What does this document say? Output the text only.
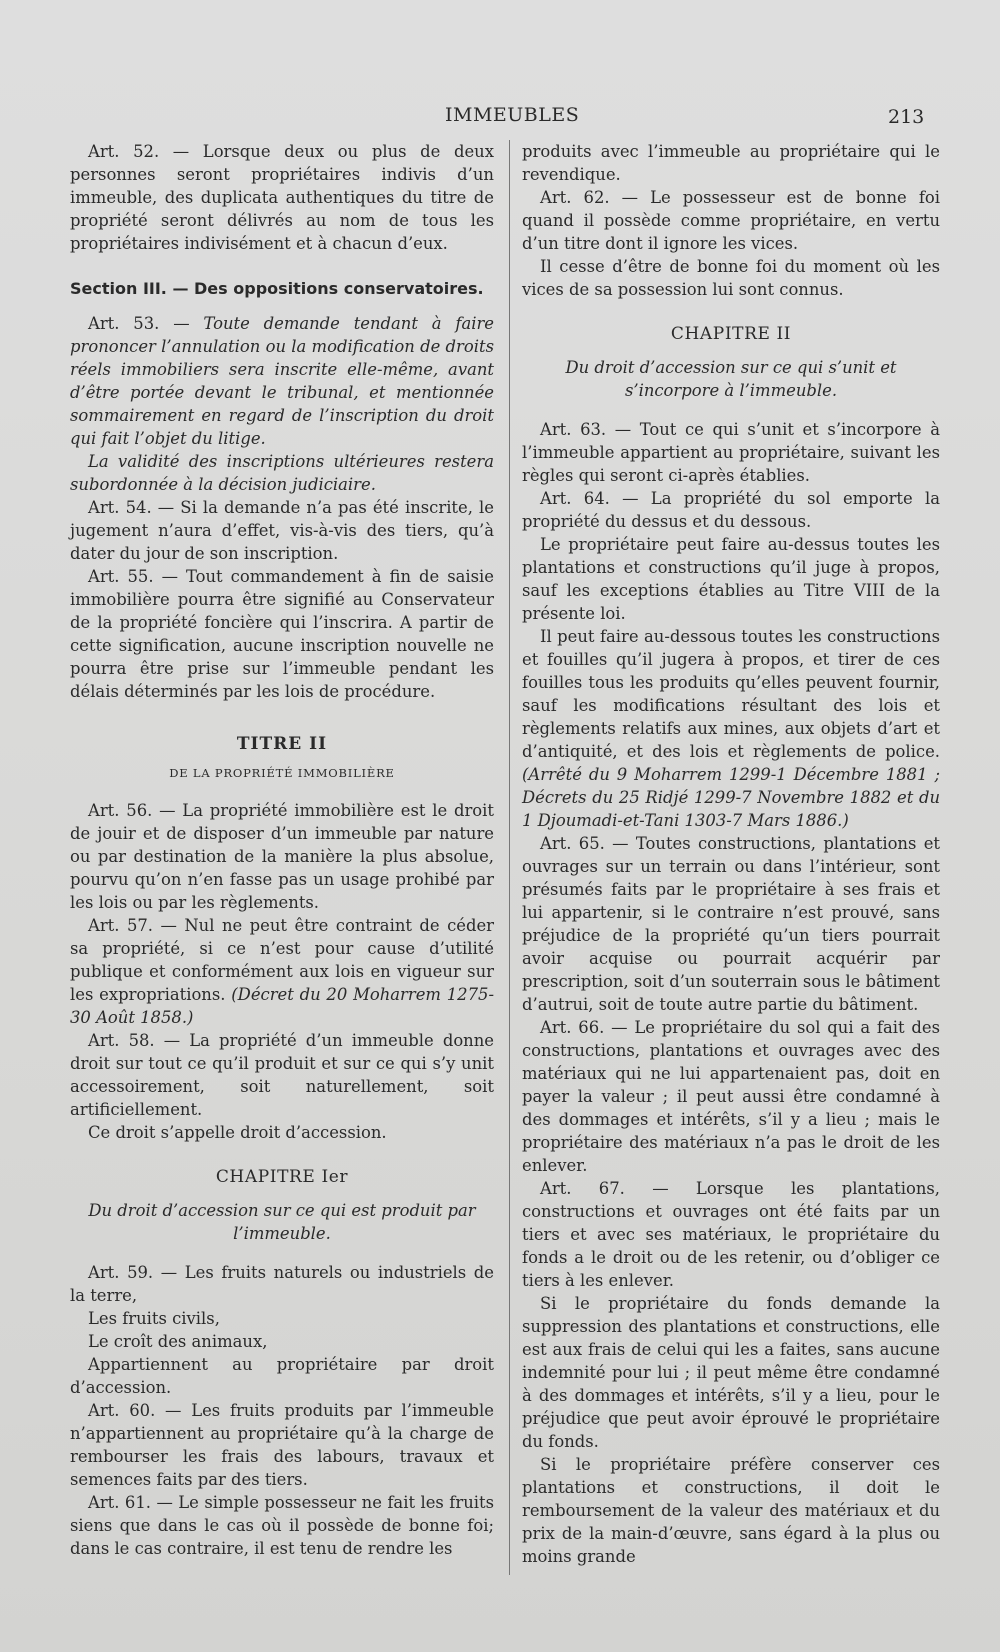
IMMEUBLES	213

Art. 52. — Lorsque deux ou plus de deux personnes seront propriétaires indivis d’un immeuble, des duplicata authentiques du titre de propriété seront délivrés au nom de tous les propriétaires indivisément et à chacun d’eux.

Section III. — Des oppositions conservatoires.

Art. 53. — Toute demande tendant à faire prononcer l’annulation ou la modification de droits réels immobiliers sera inscrite elle-même, avant d’être portée devant le tribunal, et mentionnée sommairement en regard de l’inscription du droit qui fait l’objet du litige.

La validité des inscriptions ultérieures restera subordonnée à la décision judiciaire.

Art. 54. — Si la demande n’a pas été inscrite, le jugement n’aura d’effet, vis-à-vis des tiers, qu’à dater du jour de son inscription.

Art. 55. — Tout commandement à fin de saisie immobilière pourra être signifié au Conservateur de la propriété foncière qui l’inscrira. A partir de cette signification, aucune inscription nouvelle ne pourra être prise sur l’immeuble pendant les délais déterminés par les lois de procédure.

TITRE II

DE LA PROPRIÉTÉ IMMOBILIÈRE

Art. 56. — La propriété immobilière est le droit de jouir et de disposer d’un immeuble par nature ou par destination de la manière la plus absolue, pourvu qu’on n’en fasse pas un usage prohibé par les lois ou par les règlements.

Art. 57. — Nul ne peut être contraint de céder sa propriété, si ce n’est pour cause d’utilité publique et conformément aux lois en vigueur sur les expropriations. (Décret du 20 Moharrem 1275-30 Août 1858.)

Art. 58. — La propriété d’un immeuble donne droit sur tout ce qu’il produit et sur ce qui s’y unit accessoirement, soit naturellement, soit artificiellement.

Ce droit s’appelle droit d’accession.

CHAPITRE Ier

Du droit d’accession sur ce qui est produit par l’immeuble.

Art. 59. — Les fruits naturels ou industriels de la terre,

Les fruits civils,

Le croît des animaux,

Appartiennent au propriétaire par droit d’accession.

Art. 60. — Les fruits produits par l’immeuble n’appartiennent au propriétaire qu’à la charge de rembourser les frais des labours, travaux et semences faits par des tiers.

Art. 61. — Le simple possesseur ne fait les fruits siens que dans le cas où il possède de bonne foi; dans le cas contraire, il est tenu de rendre les

produits avec l’immeuble au propriétaire qui le revendique.

Art. 62. — Le possesseur est de bonne foi quand il possède comme propriétaire, en vertu d’un titre dont il ignore les vices.

Il cesse d’être de bonne foi du moment où les vices de sa possession lui sont connus.

CHAPITRE II

Du droit d’accession sur ce qui s’unit et s’incorpore à l’immeuble.

Art. 63. — Tout ce qui s’unit et s’incorpore à l’immeuble appartient au propriétaire, suivant les règles qui seront ci-après établies.

Art. 64. — La propriété du sol emporte la propriété du dessus et du dessous.

Le propriétaire peut faire au-dessus toutes les plantations et constructions qu’il juge à propos, sauf les exceptions établies au Titre VIII de la présente loi.

Il peut faire au-dessous toutes les constructions et fouilles qu’il jugera à propos, et tirer de ces fouilles tous les produits qu’elles peuvent fournir, sauf les modifications résultant des lois et règlements relatifs aux mines, aux objets d’art et d’antiquité, et des lois et règlements de police. (Arrêté du 9 Moharrem 1299-1 Décembre 1881 ; Décrets du 25 Ridjé 1299-7 Novembre 1882 et du 1 Djoumadi-et-Tani 1303-7 Mars 1886.)

Art. 65. — Toutes constructions, plantations et ouvrages sur un terrain ou dans l’intérieur, sont présumés faits par le propriétaire à ses frais et lui appartenir, si le contraire n’est prouvé, sans préjudice de la propriété qu’un tiers pourrait avoir acquise ou pourrait acquérir par prescription, soit d’un souterrain sous le bâtiment d’autrui, soit de toute autre partie du bâtiment.

Art. 66. — Le propriétaire du sol qui a fait des constructions, plantations et ouvrages avec des matériaux qui ne lui appartenaient pas, doit en payer la valeur ; il peut aussi être condamné à des dommages et intérêts, s’il y a lieu ; mais le propriétaire des matériaux n’a pas le droit de les enlever.

Art. 67. — Lorsque les plantations, constructions et ouvrages ont été faits par un tiers et avec ses matériaux, le propriétaire du fonds a le droit ou de les retenir, ou d’obliger ce tiers à les enlever.

Si le propriétaire du fonds demande la suppression des plantations et constructions, elle est aux frais de celui qui les a faites, sans aucune indemnité pour lui ; il peut même être condamné à des dommages et intérêts, s’il y a lieu, pour le préjudice que peut avoir éprouvé le propriétaire du fonds.

Si le propriétaire préfère conserver ces plantations et constructions, il doit le remboursement de la valeur des matériaux et du prix de la main-d’œuvre, sans égard à la plus ou moins grande
